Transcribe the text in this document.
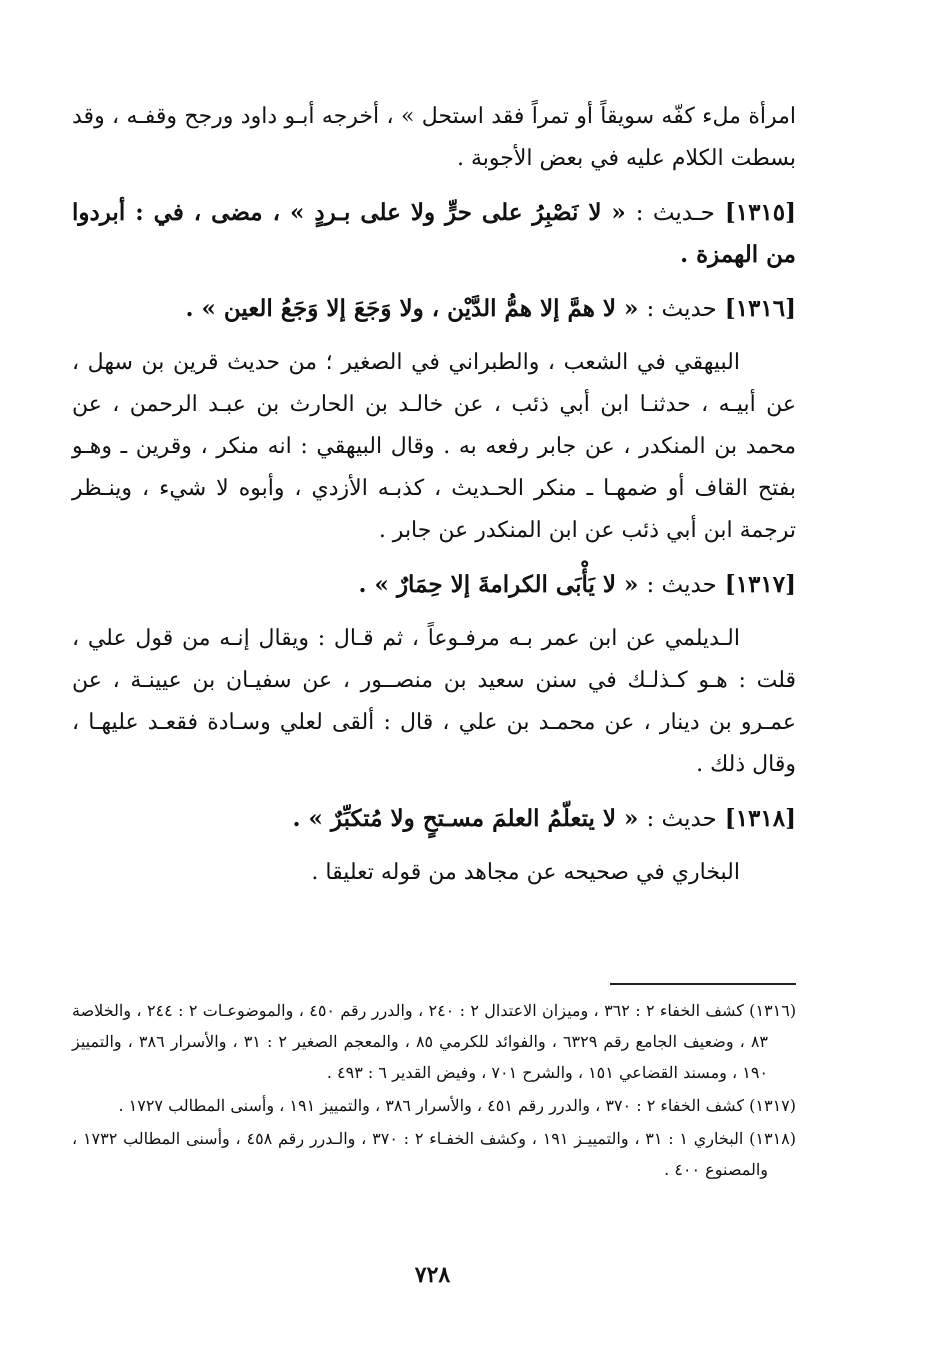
امرأة ملء كفّه سويقاً أو تمراً فقد استحل » ، أخرجه أبـو داود ورجح وقفـه ، وقد بسطت الكلام عليه في بعض الأجوبة .

[١٣١٥] حـديث : « لا نَصْبِرُ على حرٍّ ولا على بـردٍ » ، مضى ، في : أبردوا من الهمزة .

[١٣١٦] حديث : « لا همَّ إلا همُّ الدَّيْن ، ولا وَجَعَ إلا وَجَعُ العين » .

البيهقي في الشعب ، والطبراني في الصغير ؛ من حديث قرين بن سهل ، عن أبيـه ، حدثنـا ابن أبي ذئب ، عن خالـد بن الحارث بن عبـد الرحمن ، عن محمد بن المنكدر ، عن جابر رفعه به . وقال البيهقي : انه منكر ، وقرين ـ وهـو بفتح القاف أو ضمهـا ـ منكر الحـديث ، كذبـه الأزدي ، وأبوه لا شيء ، وينـظر ترجمة ابن أبي ذئب عن ابن المنكدر عن جابر .

[١٣١٧] حديث : « لا يَأْبَى الكرامةَ إلا حِمَارٌ » .

الـديلمي عن ابن عمر بـه مرفـوعاً ، ثم قـال : ويقال إنـه من قول علي ، قلت : هـو كـذلـك في سنن سعيد بن منصــور ، عن سفيـان بن عيينـة ، عن عمـرو بن دينار ، عن محمـد بن علي ، قال : ألقى لعلي وسـادة فقعـد عليهـا ، وقال ذلك .

[١٣١٨] حديث : « لا يتعلّمُ العلمَ مسـتحٍ ولا مُتكبِّرٌ » .

البخاري في صحيحه عن مجاهد من قوله تعليقا .

(١٣١٦) كشف الخفاء ٢ : ٣٦٢ ، وميزان الاعتدال ٢ : ٢٤٠ ، والدرر رقم ٤٥٠ ، والموضوعـات ٢ : ٢٤٤ ، والخلاصة ٨٣ ، وضعيف الجامع رقم ٦٣٢٩ ، والفوائد للكرمي ٨٥ ، والمعجم الصغير ٢ : ٣١ ، والأسرار ٣٨٦ ، والتمييز ١٩٠ ، ومسند القضاعي ١٥١ ، والشرح ٧٠١ ، وفيض القدير ٦ : ٤٩٣ .

(١٣١٧) كشف الخفاء ٢ : ٣٧٠ ، والدرر رقم ٤٥١ ، والأسرار ٣٨٦ ، والتمييز ١٩١ ، وأسنى المطالب ١٧٢٧ .

(١٣١٨) البخاري ١ : ٣١ ، والتمييـز ١٩١ ، وكشف الخفـاء ٢ : ٣٧٠ ، والـدرر رقم ٤٥٨ ، وأسنى المطالب ١٧٣٢ ، والمصنوع ٤٠٠ .

٧٢٨
